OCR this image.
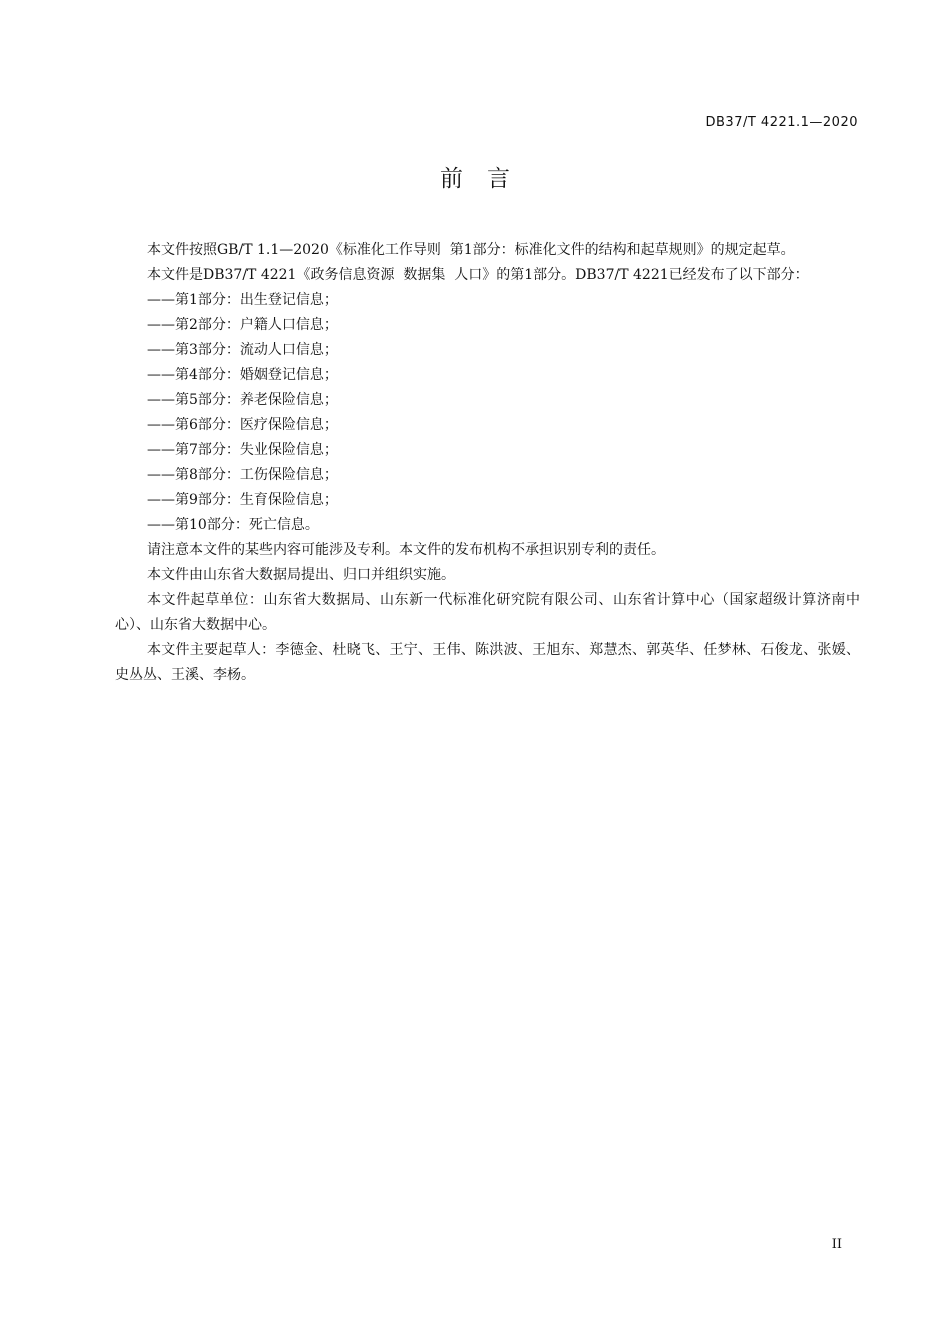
DB37/T 4221.1—2020
前言

本文件按照GB/T 1.1—2020《标准化工作导则  第1部分：标准化文件的结构和起草规则》的规定起草。

本文件是DB37/T 4221《政务信息资源  数据集  人口》的第1部分。DB37/T 4221已经发布了以下部分：

——第1部分：出生登记信息；

——第2部分：户籍人口信息；

——第3部分：流动人口信息；

——第4部分：婚姻登记信息；

——第5部分：养老保险信息；

——第6部分：医疗保险信息；

——第7部分：失业保险信息；

——第8部分：工伤保险信息；

——第9部分：生育保险信息；

——第10部分：死亡信息。

请注意本文件的某些内容可能涉及专利。本文件的发布机构不承担识别专利的责任。

本文件由山东省大数据局提出、归口并组织实施。

本文件起草单位：山东省大数据局、山东新一代标准化研究院有限公司、山东省计算中心（国家超级计算济南中心）、山东省大数据中心。

本文件主要起草人：李德金、杜晓飞、王宁、王伟、陈洪波、王旭东、郑慧杰、郭英华、任梦林、石俊龙、张媛、史丛丛、王溪、李杨。

II
